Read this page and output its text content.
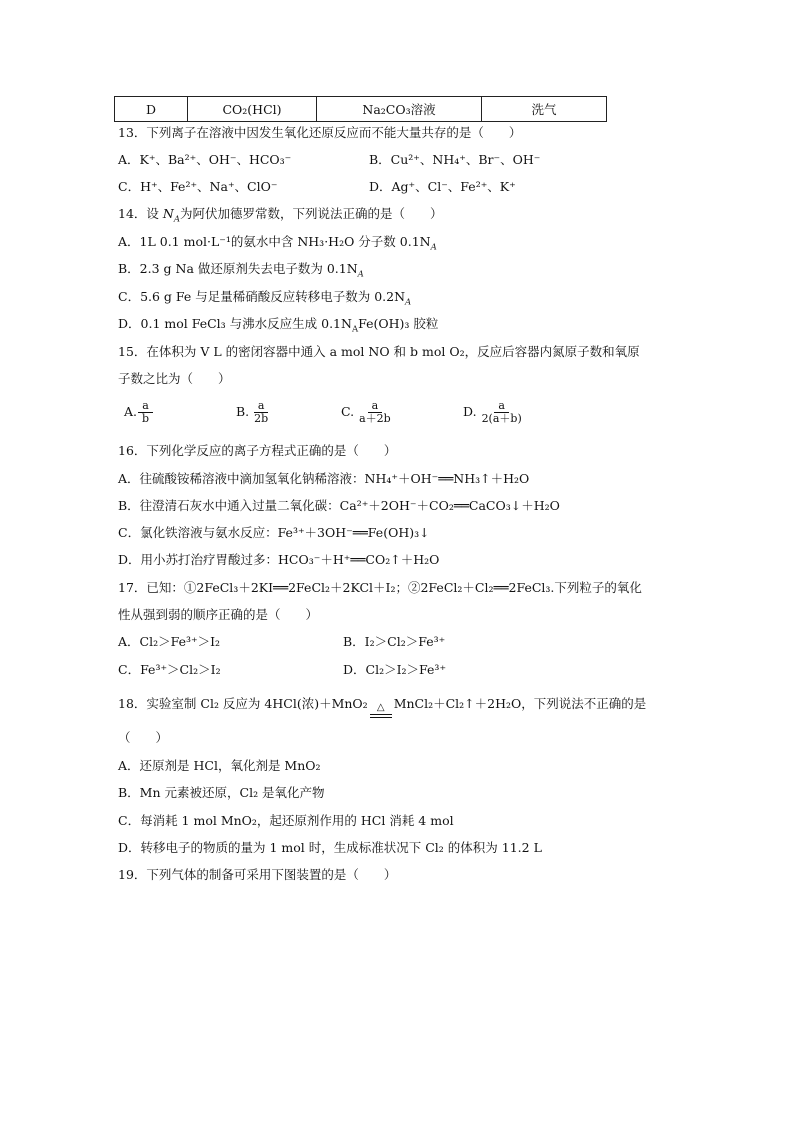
D	CO₂(HCl)	Na₂CO₃溶液	洗气
13．下列离子在溶液中因发生氧化还原反应而不能大量共存的是（　　）
A．K⁺、Ba²⁺、OH⁻、HCO₃⁻	B．Cu²⁺、NH₄⁺、Br⁻、OH⁻
C．H⁺、Fe²⁺、Na⁺、ClO⁻	D．Ag⁺、Cl⁻、Fe²⁺、K⁺
14．设 $N_A$为阿伏加德罗常数，下列说法正确的是（　　）
A．1L 0.1 mol·L⁻¹的氨水中含 NH₃·H₂O 分子数 $0.1N_A$
B．2.3 g Na 做还原剂失去电子数为 $0.1N_A$
C．5.6 g Fe 与足量稀硝酸反应转移电子数为 $0.2N_A$
D．0.1 mol FeCl₃ 与沸水反应生成 $0.1N_AFe(OH)_3$ 胶粒
15．在体积为 V L 的密闭容器中通入 a mol NO 和 b mol O₂，反应后容器内氮原子数和氧原
子数之比为（　　）
A. $\frac{a}{b}$	B. $\frac{a}{2b}$	C. $\frac{a}{a+2b}$	D. $\frac{a}{2(a+b)}$
16．下列化学反应的离子方程式正确的是（　　）
A．往硫酸铵稀溶液中滴加氢氧化钠稀溶液：NH₄⁺＋OH⁻══NH₃↑＋H₂O
B．往澄清石灰水中通入过量二氧化碳：Ca²⁺＋2OH⁻＋CO₂══CaCO₃↓＋H₂O
C．氯化铁溶液与氨水反应：Fe³⁺＋3OH⁻══Fe(OH)₃↓
D．用小苏打治疗胃酸过多：HCO₃⁻＋H⁺══CO₂↑＋H₂O
17．已知：①2FeCl₃＋2KI══2FeCl₂＋2KCl＋I₂；②2FeCl₂＋Cl₂══2FeCl₃.下列粒子的氧化
性从强到弱的顺序正确的是（　　）
A．Cl₂＞Fe³⁺＞I₂	B．I₂＞Cl₂＞Fe³⁺
C．Fe³⁺＞Cl₂＞I₂	D．Cl₂＞I₂＞Fe³⁺
18．实验室制 Cl₂ 反应为 4HCl(浓)＋MnO₂ △ MnCl₂＋Cl₂↑＋2H₂O，下列说法不正确的是
（　　）
A．还原剂是 HCl，氧化剂是 MnO₂
B．Mn 元素被还原，Cl₂ 是氧化产物
C．每消耗 1 mol MnO₂，起还原剂作用的 HCl 消耗 4 mol
D．转移电子的物质的量为 1 mol 时，生成标准状况下 Cl₂ 的体积为 11.2 L
19．下列气体的制备可采用下图装置的是（　　）
